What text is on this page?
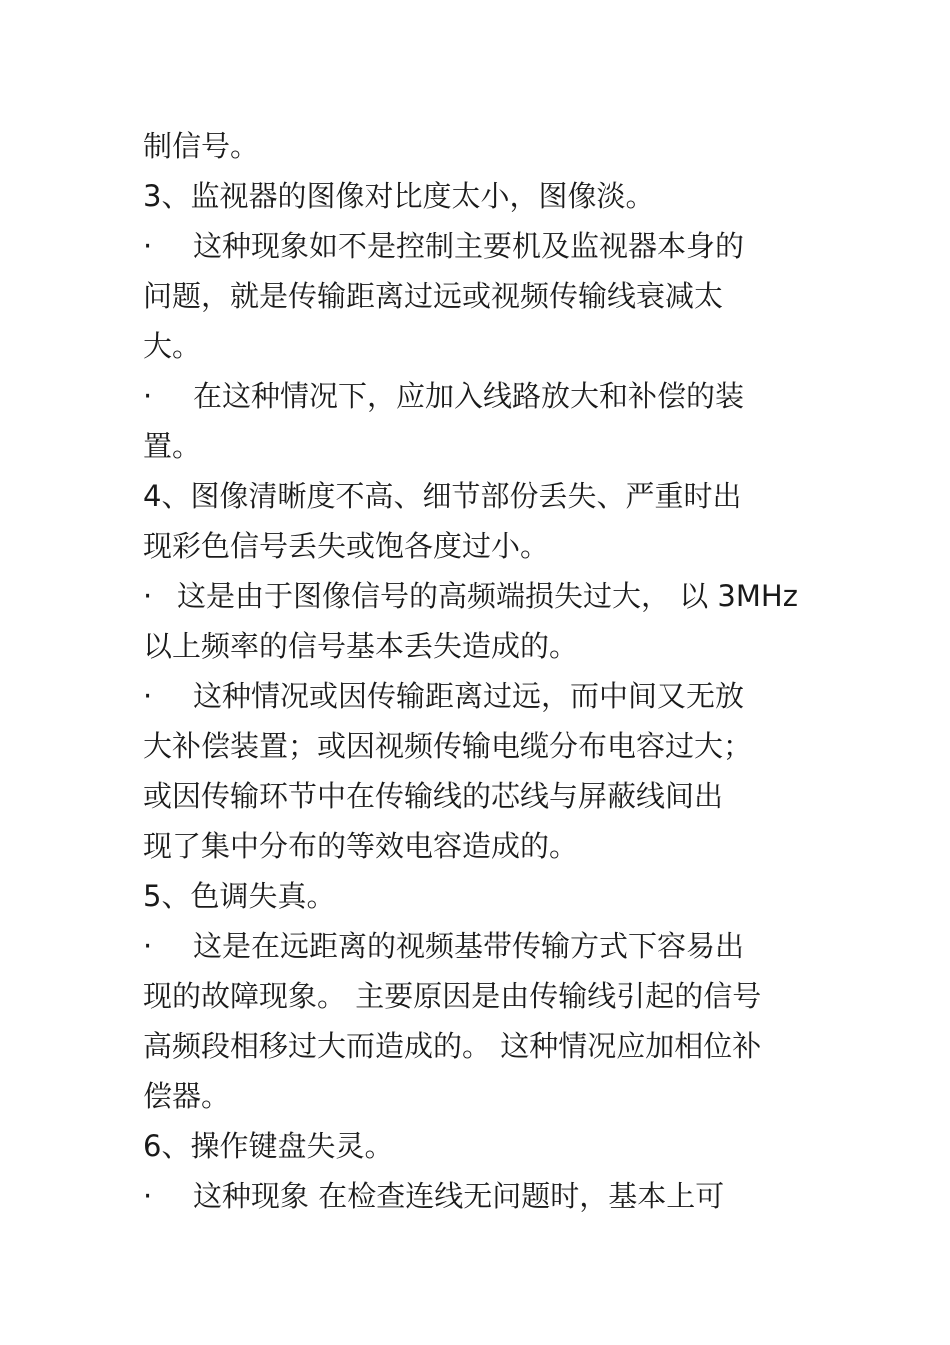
制信号。
3、监视器的图像对比度太小，图像淡。
· 这种现象如不是控制主要机及监视器本身的
问题，就是传输距离过远或视频传输线衰减太
大。
· 在这种情况下，应加入线路放大和补偿的装
置。
4、图像清晰度不高、细节部份丢失、严重时出
现彩色信号丢失或饱各度过小。
· 这是由于图像信号的高频端损失过大， 以 3MHz
以上频率的信号基本丢失造成的。
· 这种情况或因传输距离过远，而中间又无放
大补偿装置；或因视频传输电缆分布电容过大；
或因传输环节中在传输线的芯线与屏蔽线间出
现了集中分布的等效电容造成的。
5、色调失真。
· 这是在远距离的视频基带传输方式下容易出
现的故障现象。 主要原因是由传输线引起的信号
高频段相移过大而造成的。 这种情况应加相位补
偿器。
6、操作键盘失灵。
· 这种现象 在检查连线无问题时，基本上可
